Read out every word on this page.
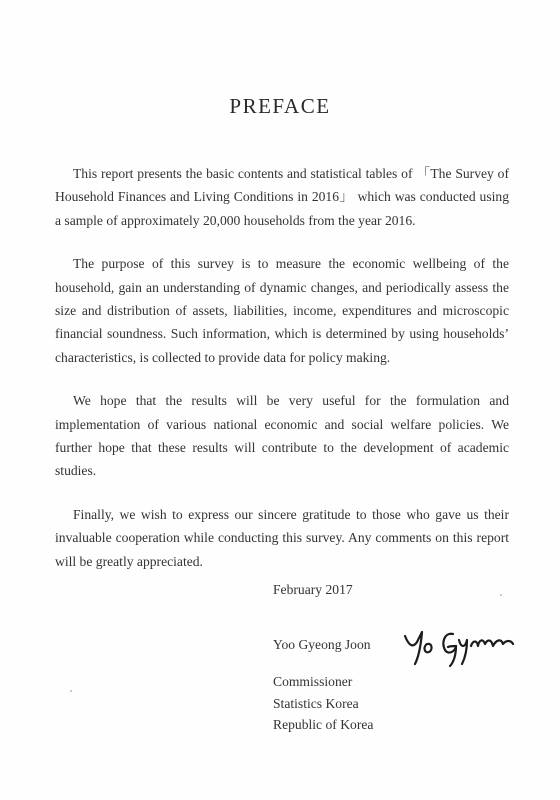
PREFACE

This report presents the basic contents and statistical tables of 「The Survey of Household Finances and Living Conditions in 2016」 which was conducted using a sample of approximately 20,000 households from the year 2016.

The purpose of this survey is to measure the economic wellbeing of the household, gain an understanding of dynamic changes, and periodically assess the size and distribution of assets, liabilities, income, expenditures and microscopic financial soundness. Such information, which is determined by using households’ characteristics, is collected to provide data for policy making.

We hope that the results will be very useful for the formulation and implementation of various national economic and social welfare policies. We further hope that these results will contribute to the development of academic studies.

Finally, we wish to express our sincere gratitude to those who gave us their invaluable cooperation while conducting this survey. Any comments on this report will be greatly appreciated.

February 2017
Yoo Gyeong Joon
Commissioner
Statistics Korea
Republic of Korea
